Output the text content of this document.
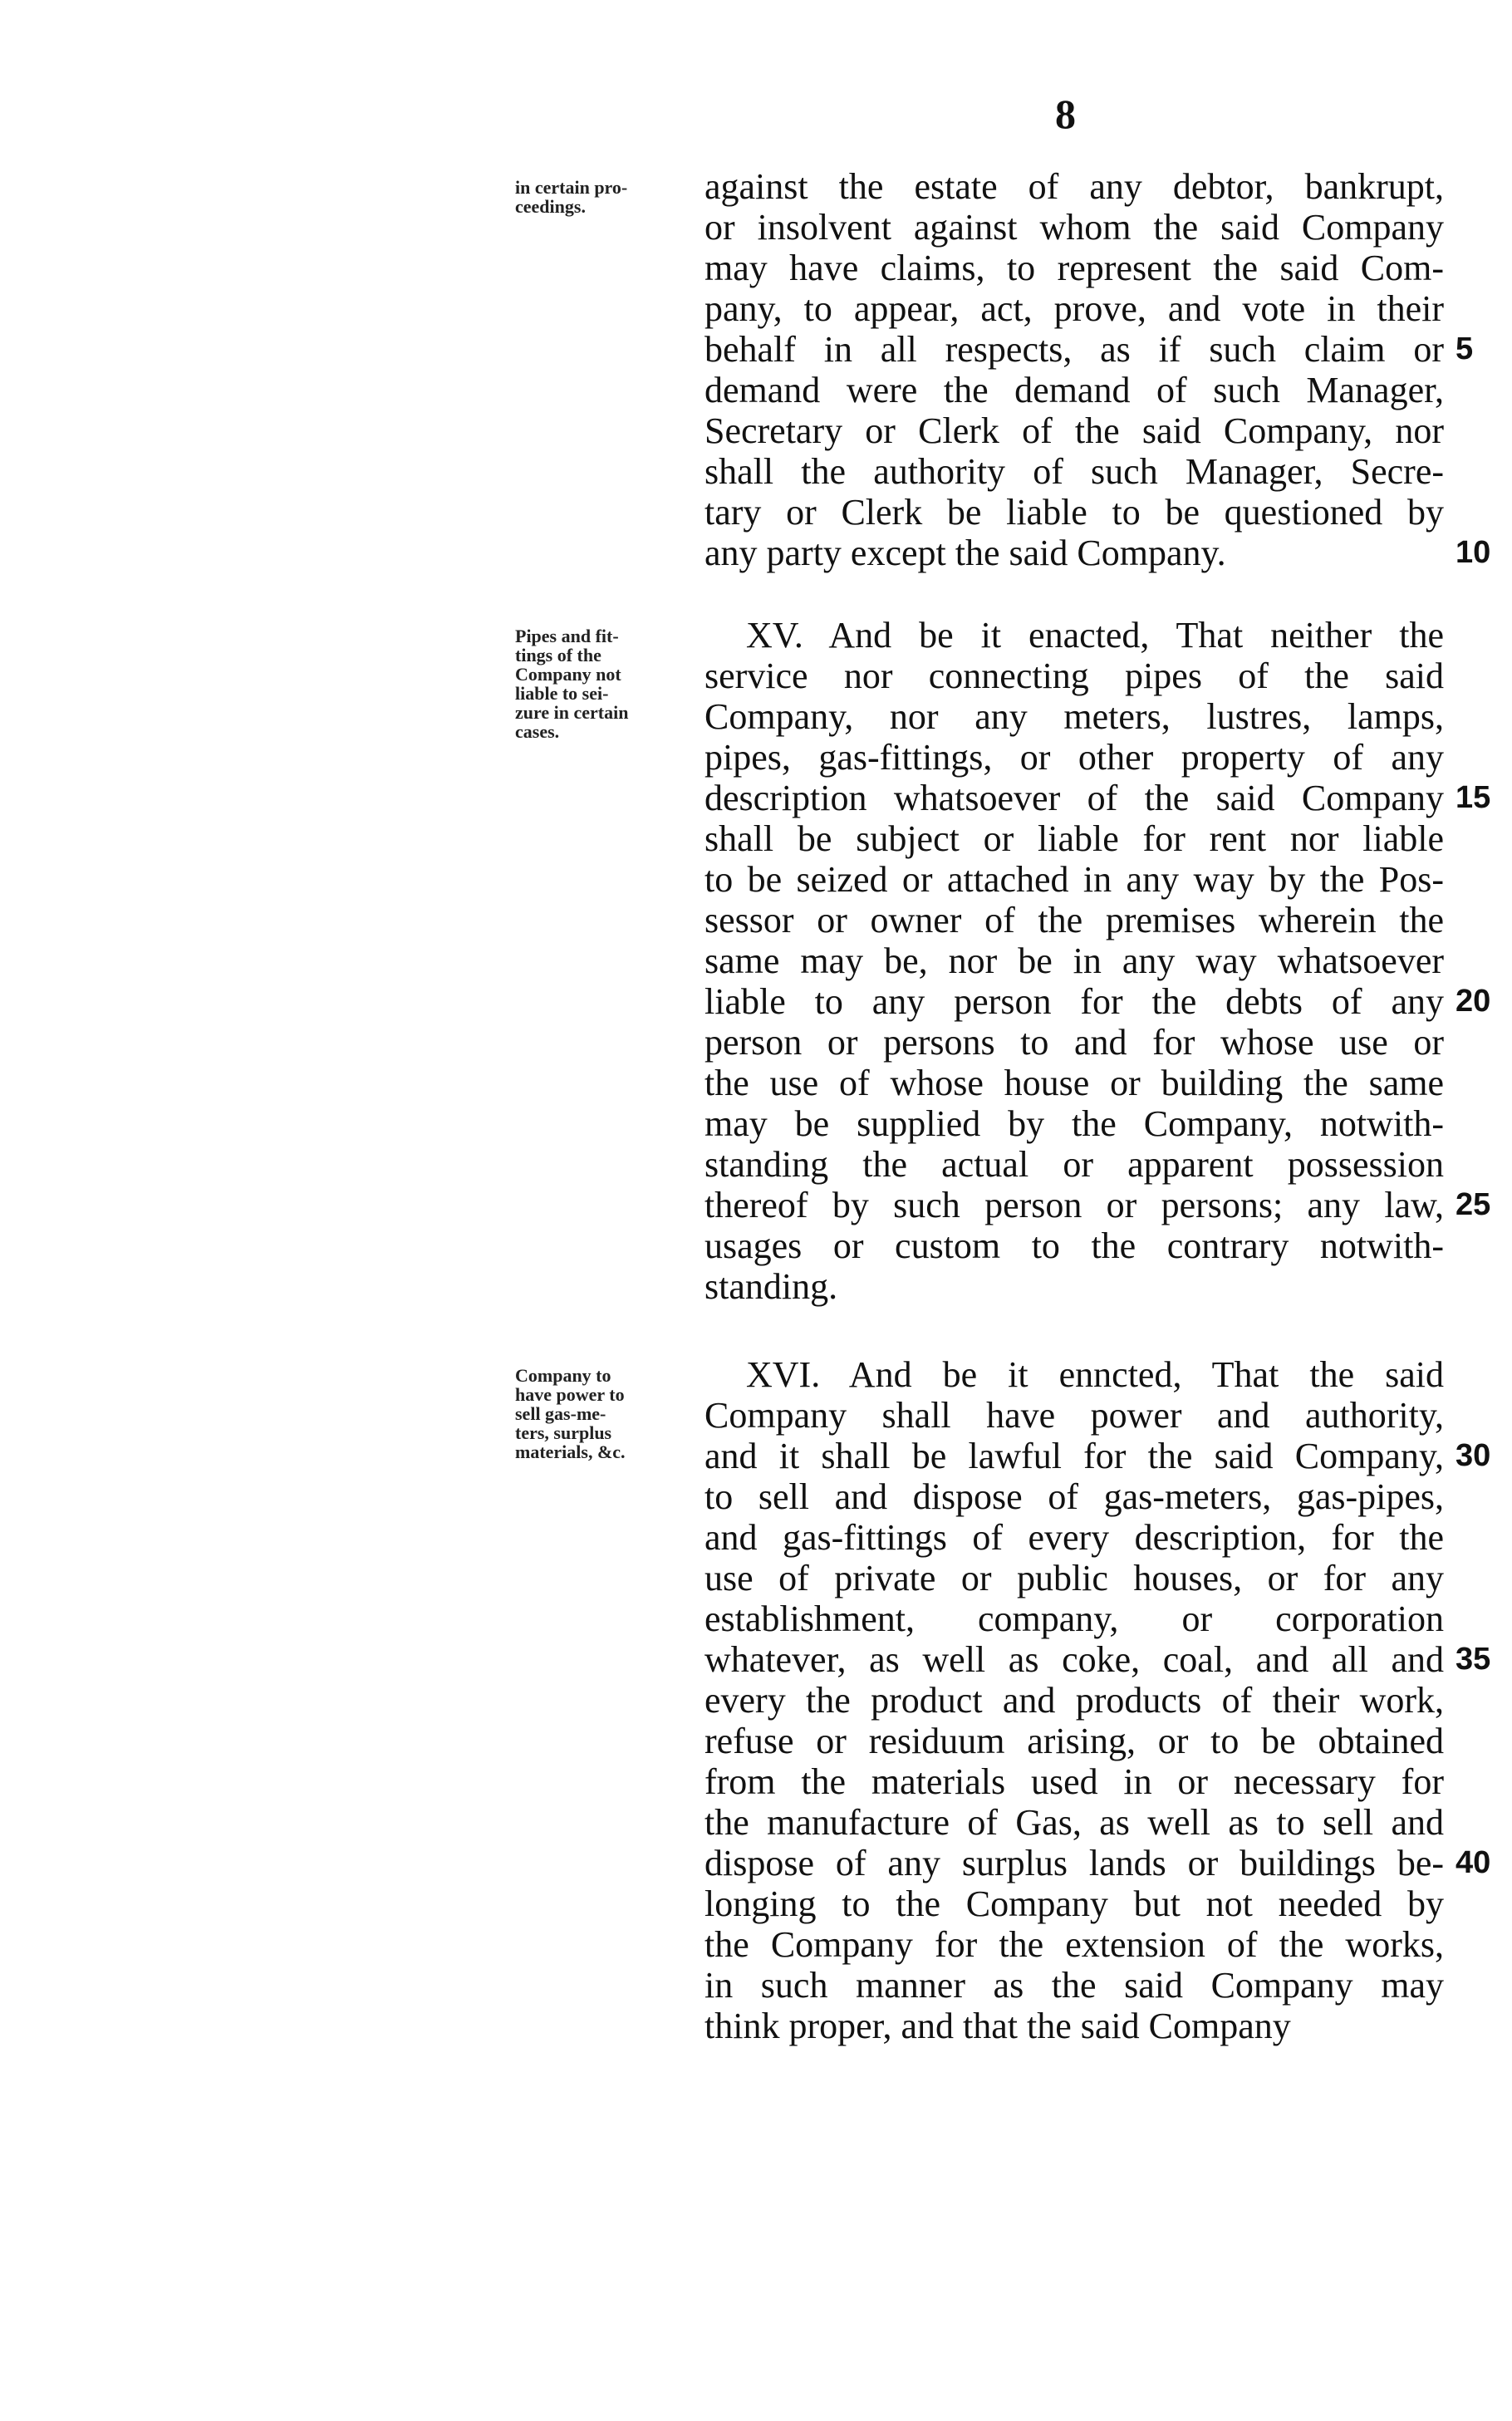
8
in certain pro-
ceedings.	against the estate of any debtor, bankrupt,
or insolvent against whom the said Company
may have claims, to represent the said Com-
pany, to appear, act, prove, and vote in their
behalf in all respects, as if such claim or
demand were the demand of such Manager,
Secretary or Clerk of the said Company, nor
shall the authority of such Manager, Secre-
tary or Clerk be liable to be questioned by
any party except the said Company.
5
10
Pipes and fit-
tings of the
Company not
liable to sei-
zure in certain
cases.
XV. And be it enacted, That neither the
service nor connecting pipes of the said
Company, nor any meters, lustres, lamps,
pipes, gas-fittings, or other property of any
description whatsoever of the said Company
shall be subject or liable for rent nor liable
to be seized or attached in any way by the Pos-
sessor or owner of the premises wherein the
same may be, nor be in any way whatsoever
liable to any person for the debts of any
person or persons to and for whose use or
the use of whose house or building the same
may be supplied by the Company, notwith-
standing the actual or apparent possession
thereof by such person or persons; any law,
usages or custom to the contrary notwith-
standing.
15
20
25
Company to
have power to
sell gas-me-
ters, surplus
materials, &c.
XVI. And be it enncted, That the said
Company shall have power and authority,
and it shall be lawful for the said Company,
to sell and dispose of gas-meters, gas-pipes,
and gas-fittings of every description, for the
use of private or public houses, or for any
establishment, company, or corporation
whatever, as well as coke, coal, and all and
every the product and products of their work,
refuse or residuum arising, or to be obtained
from the materials used in or necessary for
the manufacture of Gas, as well as to sell and
dispose of any surplus lands or buildings be-
longing to the Company but not needed by
the Company for the extension of the works,
in such manner as the said Company may
think proper, and that the said Company
30
35
40
